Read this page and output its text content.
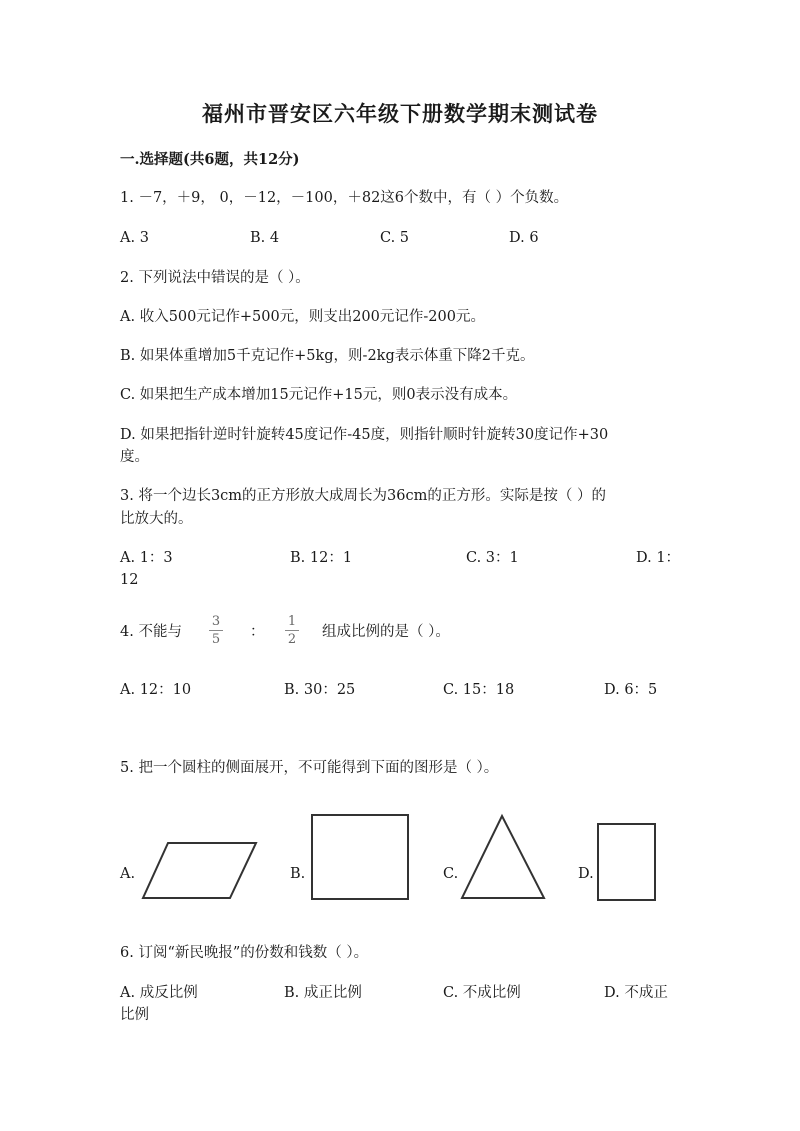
福州市晋安区六年级下册数学期末测试卷
一.选择题(共6题，共12分)
1. －7，＋9， 0，－12，－100，＋82这6个数中，有（ ）个负数。
A. 3	B. 4	C. 5	D. 6
2. 下列说法中错误的是（ ）。
A. 收入500元记作+500元，则支出200元记作-200元。
B. 如果体重增加5千克记作+5kg，则-2kg表示体重下降2千克。
C. 如果把生产成本增加15元记作+15元，则0表示没有成本。
D. 如果把指针逆时针旋转45度记作-45度，则指针顺时针旋转30度记作+30
度。
3. 将一个边长3cm的正方形放大成周长为36cm的正方形。实际是按（ ）的
比放大的。
A. 1：3	B. 12：1	C. 3：1	D. 1：
12
4. 不能与
3
5 ：
1
2 组成比例的是（ ）。
A. 12：10	B. 30：25	C. 15：18	D. 6：5
5. 把一个圆柱的侧面展开，不可能得到下面的图形是（ ）。
A.	B.	C.	D.
6. 订阅“新民晚报”的份数和钱数（ ）。
A. 成反比例	B. 成正比例	C. 不成比例	D. 不成正
比例
